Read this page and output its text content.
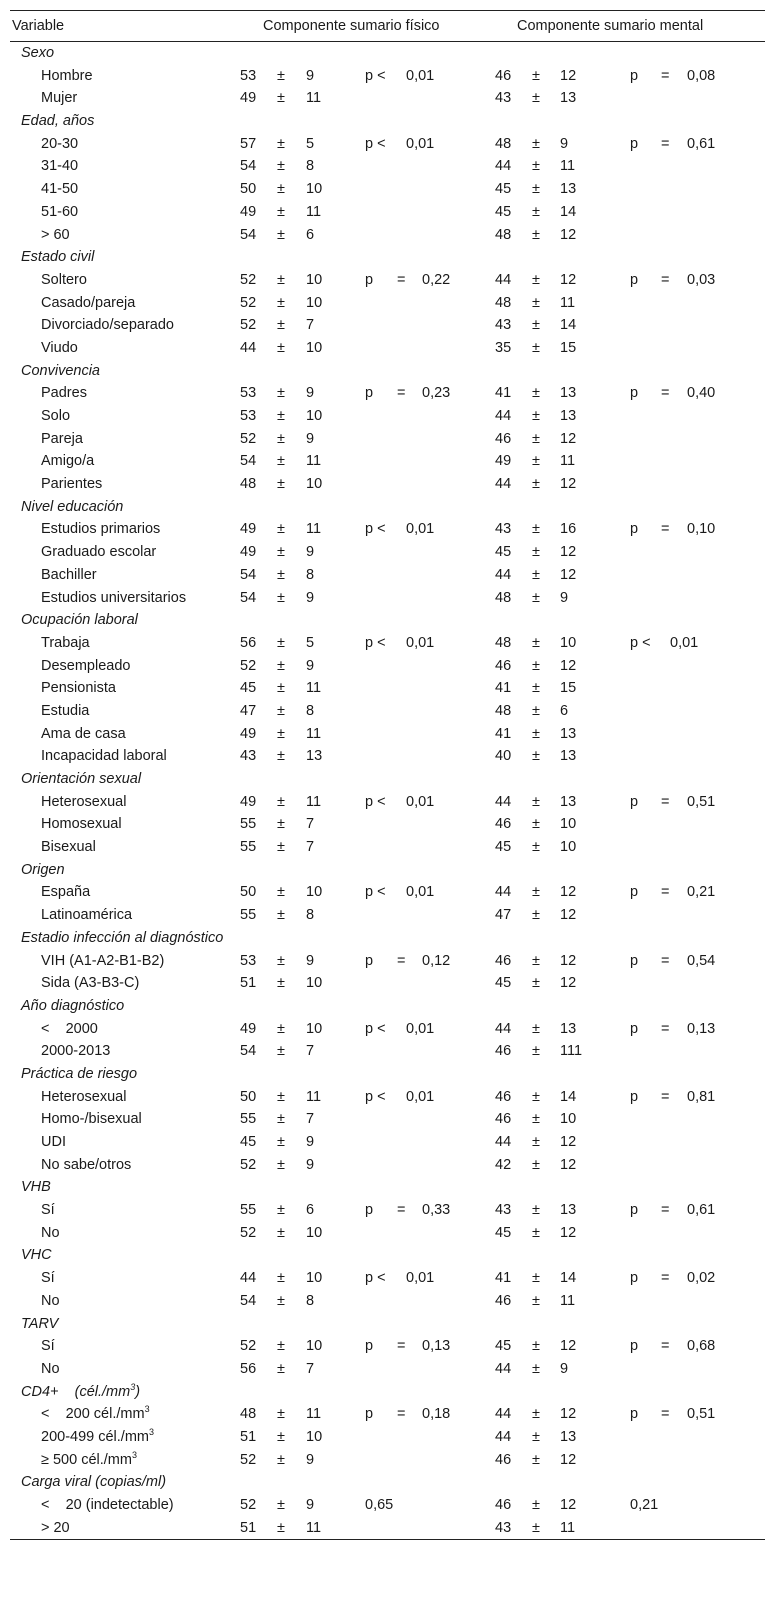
Variable	Componente sumario físico	Componente sumario mental
Sexo
Hombre	53 ± 9	p < 0,01	46 ± 12	p = 0,08
Mujer	49 ± 11	43 ± 13
Edad, años
20-30	57 ± 5	p < 0,01	48 ± 9	p = 0,61
31-40	54 ± 8	44 ± 11
41-50	50 ± 10	45 ± 13
51-60	49 ± 11	45 ± 14
> 60	54 ± 6	48 ± 12
Estado civil
Soltero	52 ± 10	p = 0,22	44 ± 12	p = 0,03
Casado/pareja	52 ± 10	48 ± 11
Divorciado/separado	52 ± 7	43 ± 14
Viudo	44 ± 10	35 ± 15
Convivencia
Padres	53 ± 9	p = 0,23	41 ± 13	p = 0,40
Solo	53 ± 10	44 ± 13
Pareja	52 ± 9	46 ± 12
Amigo/a	54 ± 11	49 ± 11
Parientes	48 ± 10	44 ± 12
Nivel educación
Estudios primarios	49 ± 11	p < 0,01	43 ± 16	p = 0,10
Graduado escolar	49 ± 9	45 ± 12
Bachiller	54 ± 8	44 ± 12
Estudios universitarios	54 ± 9	48 ± 9
Ocupación laboral
Trabaja	56 ± 5	p < 0,01	48 ± 10	p < 0,01
Desempleado	52 ± 9	46 ± 12
Pensionista	45 ± 11	41 ± 15
Estudia	47 ± 8	48 ± 6
Ama de casa	49 ± 11	41 ± 13
Incapacidad laboral	43 ± 13	40 ± 13
Orientación sexual
Heterosexual	49 ± 11	p < 0,01	44 ± 13	p = 0,51
Homosexual	55 ± 7	46 ± 10
Bisexual	55 ± 7	45 ± 10
Origen
España	50 ± 10	p < 0,01	44 ± 12	p = 0,21
Latinoamérica	55 ± 8	47 ± 12
Estadio infección al diagnóstico
VIH (A1-A2-B1-B2)	53 ± 9	p = 0,12	46 ± 12	p = 0,54
Sida (A3-B3-C)	51 ± 10	45 ± 12
Año diagnóstico
<    2000	49 ± 10	p < 0,01	44 ± 13	p = 0,13
2000-2013	54 ± 7	46 ± 111
Práctica de riesgo
Heterosexual	50 ± 11	p < 0,01	46 ± 14	p = 0,81
Homo-/bisexual	55 ± 7	46 ± 10
UDI	45 ± 9	44 ± 12
No sabe/otros	52 ± 9	42 ± 12
VHB
Sí	55 ± 6	p = 0,33	43 ± 13	p = 0,61
No	52 ± 10	45 ± 12
VHC
Sí	44 ± 10	p < 0,01	41 ± 14	p = 0,02
No	54 ± 8	46 ± 11
TARV
Sí	52 ± 10	p = 0,13	45 ± 12	p = 0,68
No	56 ± 7	44 ± 9
$CD4+ (cél./mm^3)$
<    200 $cél./mm^3$	48 ± 11	p = 0,18	44 ± 12	p = 0,51
200-499 $cél./mm^3$	51 ± 10	44 ± 13
≥ 500 $cél./mm^3$	52 ± 9	46 ± 12
Carga viral (copias/ml)
<    20 (indetectable)	52 ± 9	0,65	46 ± 12	0,21
> 20	51 ± 11	43 ± 11
